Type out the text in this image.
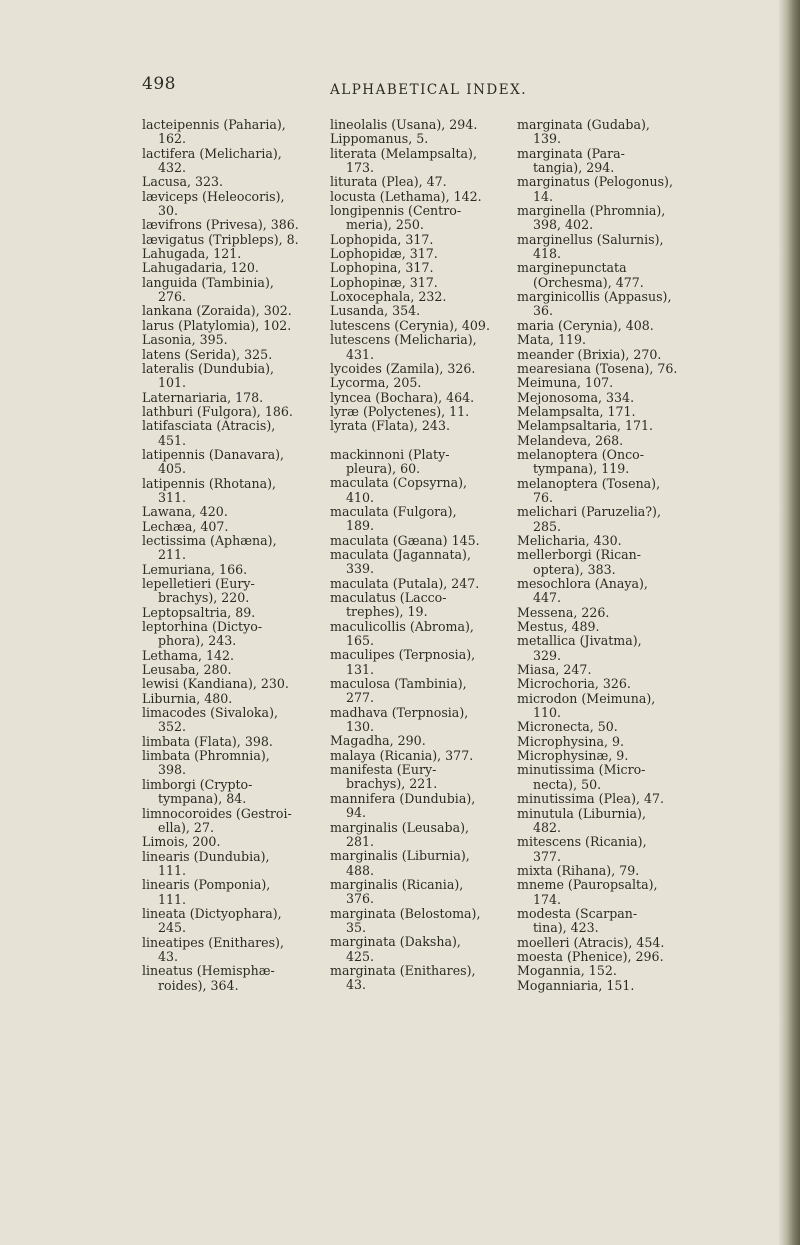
498	ALPHABETICAL INDEX.
lacteipennis (Paharia),
162.
lactifera (Melicharia),
432.
Lacusa, 323.
læviceps (Heleocoris),
30.
lævifrons (Privesa), 386.
lævigatus (Tripbleps), 8.
Lahugada, 121.
Lahugadaria, 120.
languida (Tambinia),
276.
lankana (Zoraida), 302.
larus (Platylomia), 102.
Lasonia, 395.
latens (Serida), 325.
lateralis (Dundubia),
101.
Laternariaria, 178.
lathburi (Fulgora), 186.
latifasciata (Atracis),
451.
latipennis (Danavara),
405.
latipennis (Rhotana),
311.
Lawana, 420.
Lechæa, 407.
lectissima (Aphæna),
211.
Lemuriana, 166.
lepelletieri (Eury-
brachys), 220.
Leptopsaltria, 89.
leptorhina (Dictyo-
phora), 243.
Lethama, 142.
Leusaba, 280.
lewisi (Kandiana), 230.
Liburnia, 480.
limacodes (Sivaloka),
352.
limbata (Flata), 398.
limbata (Phromnia),
398.
limborgi (Crypto-
tympana), 84.
limnocoroides (Gestroi-
ella), 27.
Limois, 200.
linearis (Dundubia),
111.
linearis (Pomponia),
111.
lineata (Dictyophara),
245.
lineatipes (Enithares),
43.
lineatus (Hemisphæ-
roides), 364.
lineolalis (Usana), 294.
Lippomanus, 5.
literata (Melampsalta),
173.
liturata (Plea), 47.
locusta (Lethama), 142.
longipennis (Centro-
meria), 250.
Lophopida, 317.
Lophopidæ, 317.
Lophopina, 317.
Lophopinæ, 317.
Loxocephala, 232.
Lusanda, 354.
lutescens (Cerynia), 409.
lutescens (Melicharia),
431.
lycoides (Zamila), 326.
Lycorma, 205.
lyncea (Bochara), 464.
lyræ (Polyctenes), 11.
lyrata (Flata), 243.
mackinnoni (Platy-
pleura), 60.
maculata (Copsyrna),
410.
maculata (Fulgora),
189.
maculata (Gæana) 145.
maculata (Jagannata),
339.
maculata (Putala), 247.
maculatus (Lacco-
trephes), 19.
maculicollis (Abroma),
165.
maculipes (Terpnosia),
131.
maculosa (Tambinia),
277.
madhava (Terpnosia),
130.
Magadha, 290.
malaya (Ricania), 377.
manifesta (Eury-
brachys), 221.
mannifera (Dundubia),
94.
marginalis (Leusaba),
281.
marginalis (Liburnia),
488.
marginalis (Ricania),
376.
marginata (Belostoma),
35.
marginata (Daksha),
425.
marginata (Enithares),
43.
marginata (Gudaba),
139.
marginata (Para-
tangia), 294.
marginatus (Pelogonus),
14.
marginella (Phromnia),
398, 402.
marginellus (Salurnis),
418.
marginepunctata
(Orchesma), 477.
marginicollis (Appasus),
36.
maria (Cerynia), 408.
Mata, 119.
meander (Brixia), 270.
mearesiana (Tosena), 76.
Meimuna, 107.
Mejonosoma, 334.
Melampsalta, 171.
Melampsaltaria, 171.
Melandeva, 268.
melanoptera (Onco-
tympana), 119.
melanoptera (Tosena),
76.
melichari (Paruzelia?),
285.
Melicharia, 430.
mellerborgi (Rican-
optera), 383.
mesochlora (Anaya),
447.
Messena, 226.
Mestus, 489.
metallica (Jivatma),
329.
Miasa, 247.
Microchoria, 326.
microdon (Meimuna),
110.
Micronecta, 50.
Microphysina, 9.
Microphysinæ, 9.
minutissima (Micro-
necta), 50.
minutissima (Plea), 47.
minutula (Liburnia),
482.
mitescens (Ricania),
377.
mixta (Rihana), 79.
mneme (Pauropsalta),
174.
modesta (Scarpan-
tina), 423.
moelleri (Atracis), 454.
moesta (Phenice), 296.
Mogannia, 152.
Moganniaria, 151.
